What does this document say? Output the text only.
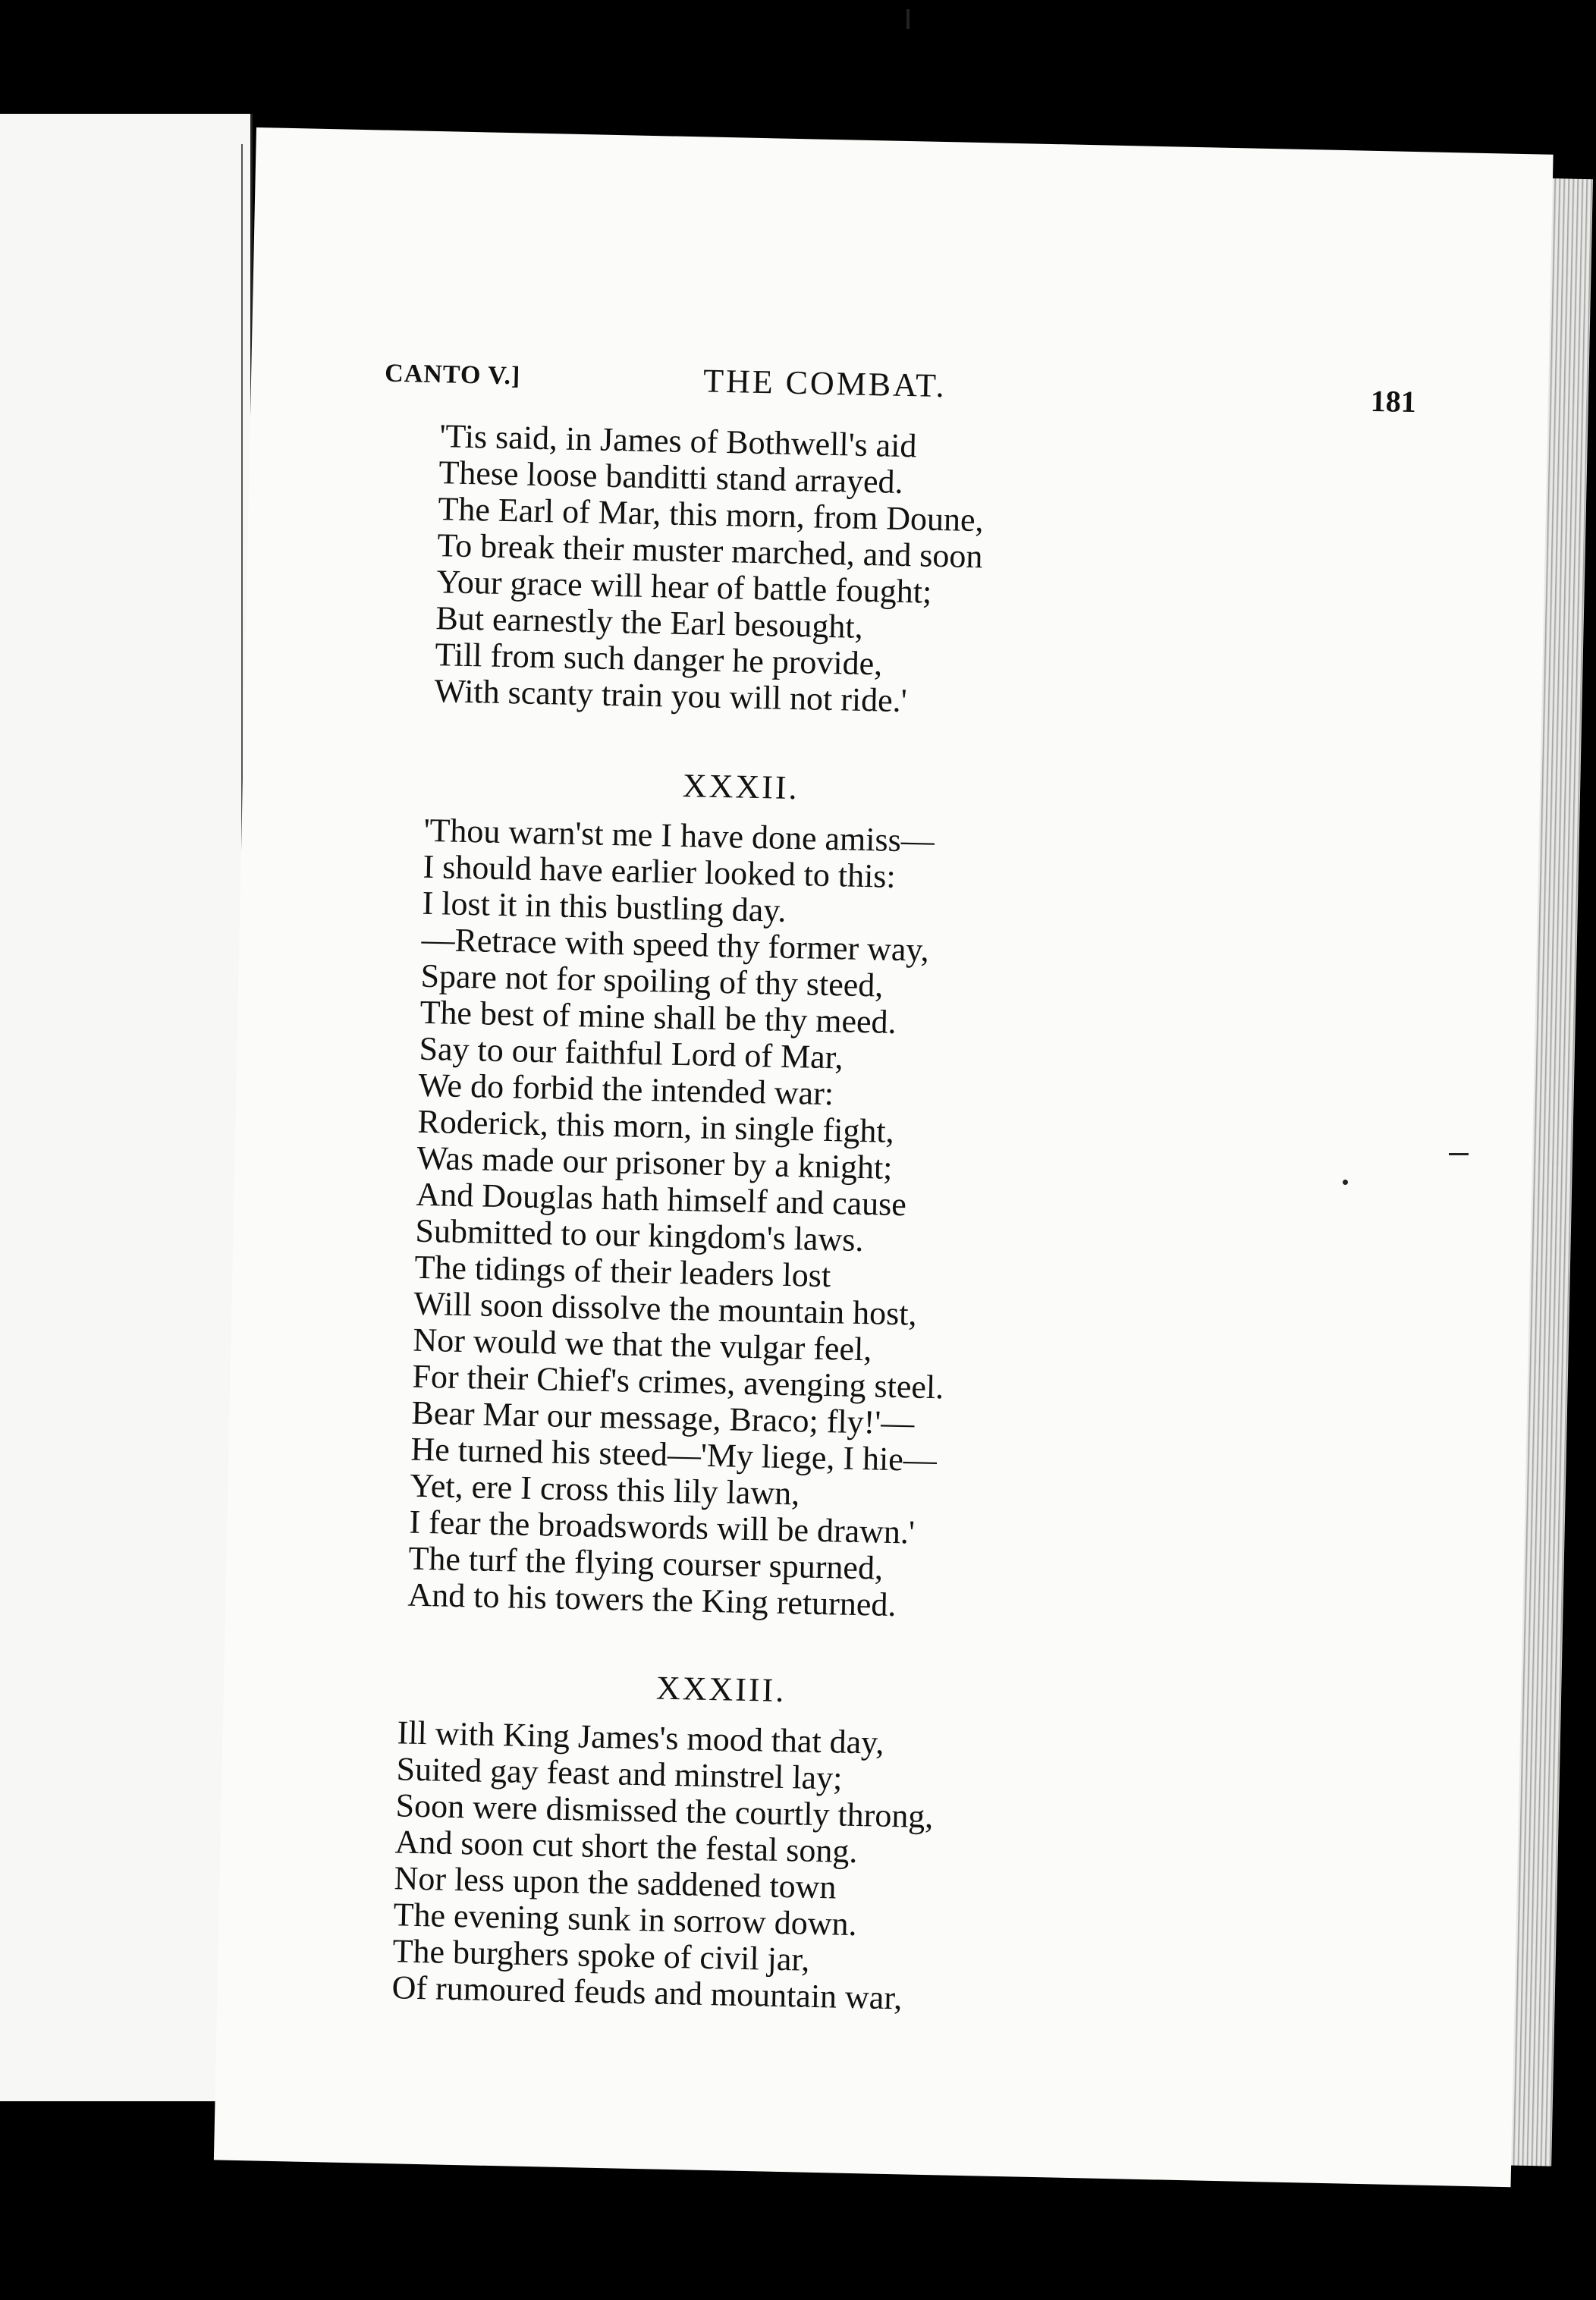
CANTO V.]	THE COMBAT.	181
'Tis said, in James of Bothwell's aid
These loose banditti stand arrayed.
The Earl of Mar, this morn, from Doune,
To break their muster marched, and soon
Your grace will hear of battle fought;
But earnestly the Earl besought,
Till from such danger he provide,
With scanty train you will not ride.'
XXXII.
'Thou warn'st me I have done amiss—
I should have earlier looked to this:
I lost it in this bustling day.
—Retrace with speed thy former way,
Spare not for spoiling of thy steed,
The best of mine shall be thy meed.
Say to our faithful Lord of Mar,
We do forbid the intended war:
Roderick, this morn, in single fight,
Was made our prisoner by a knight;
And Douglas hath himself and cause
Submitted to our kingdom's laws.
The tidings of their leaders lost
Will soon dissolve the mountain host,
Nor would we that the vulgar feel,
For their Chief's crimes, avenging steel.
Bear Mar our message, Braco; fly!'—
He turned his steed—'My liege, I hie—
Yet, ere I cross this lily lawn,
I fear the broadswords will be drawn.'
The turf the flying courser spurned,
And to his towers the King returned.
XXXIII.
Ill with King James's mood that day,
Suited gay feast and minstrel lay;
Soon were dismissed the courtly throng,
And soon cut short the festal song.
Nor less upon the saddened town
The evening sunk in sorrow down.
The burghers spoke of civil jar,
Of rumoured feuds and mountain war,
